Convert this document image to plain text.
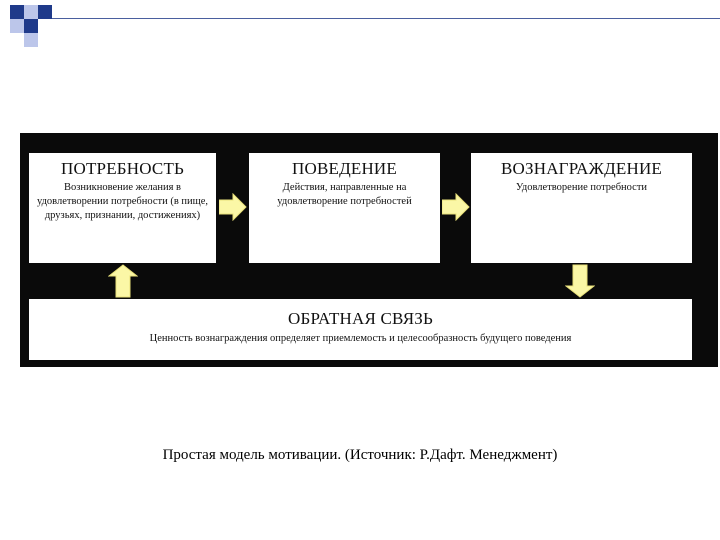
ПОТРЕБНОСТЬ
Возникновение желания в удовлетворении потребности (в пище, друзьях, признании, достижениях)
ПОВЕДЕНИЕ
Действия, направленные на удовлетворение потребностей
ВОЗНАГРАЖДЕНИЕ
Удовлетворение потребности
ОБРАТНАЯ СВЯЗЬ
Ценность вознаграждения определяет приемлемость и целесообразность будущего поведения
Простая модель мотивации. (Источник: Р.Дафт. Менеджмент)
